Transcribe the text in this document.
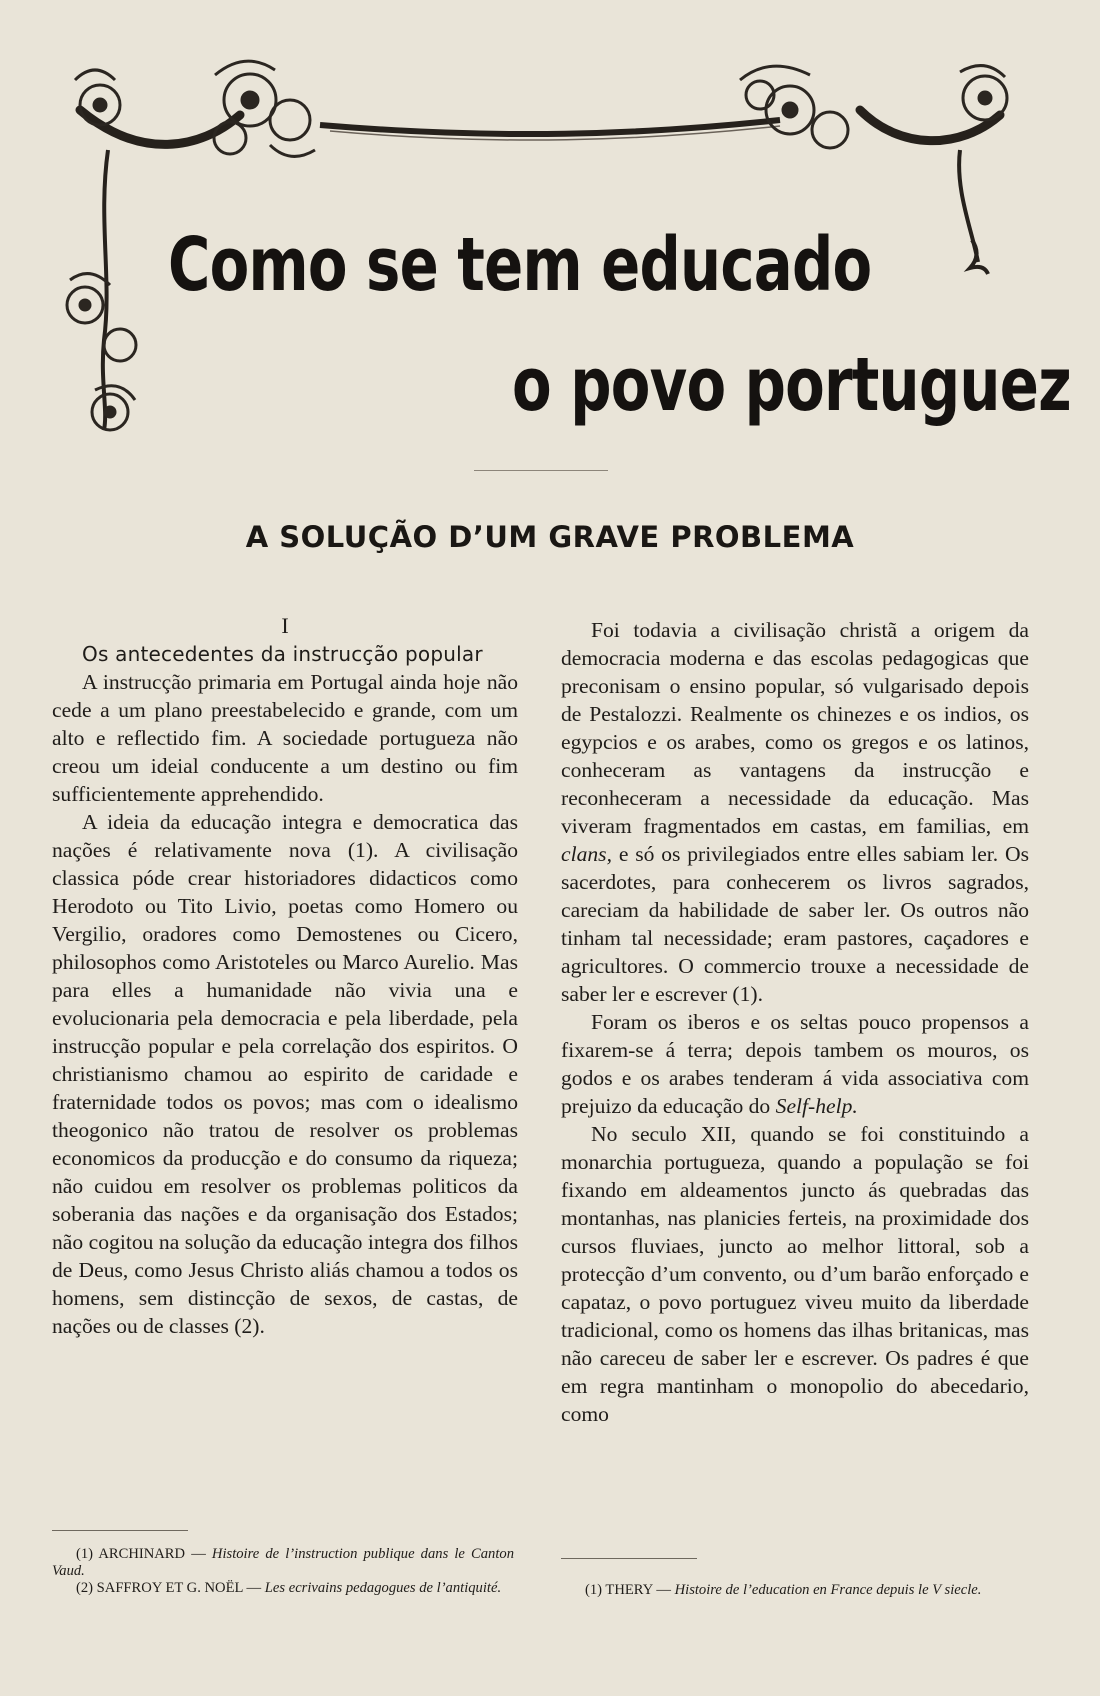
Como se tem educado
o povo portuguez
A SOLUÇÃO D’UM GRAVE PROBLEMA

I

Os antecedentes da instrucção popular

A instrucção primaria em Portugal ainda hoje não cede a um plano preestabelecido e grande, com um alto e reflectido fim. A sociedade portugueza não creou um ideial conducente a um destino ou fim sufficientemente apprehendido.

A ideia da educação integra e democratica das nações é relativamente nova (1). A civilisação classica póde crear historiadores didacticos como Herodoto ou Tito Livio, poetas como Homero ou Vergilio, oradores como Demostenes ou Cicero, philosophos como Aristoteles ou Marco Aurelio. Mas para elles a humanidade não vivia una e evolucionaria pela democracia e pela liberdade, pela instrucção popular e pela correlação dos espiritos. O christianismo chamou ao espirito de caridade e fraternidade todos os povos; mas com o idealismo theogonico não tratou de resolver os problemas economicos da producção e do consumo da riqueza; não cuidou em resolver os problemas politicos da soberania das nações e da organisação dos Estados; não cogitou na solução da educação integra dos filhos de Deus, como Jesus Christo aliás chamou a todos os homens, sem distincção de sexos, de castas, de nações ou de classes (2).

Foi todavia a civilisação christã a origem da democracia moderna e das escolas pedagogicas que preconisam o ensino popular, só vulgarisado depois de Pestalozzi. Realmente os chinezes e os indios, os egypcios e os arabes, como os gregos e os latinos, conheceram as vantagens da instrucção e reconheceram a necessidade da educação. Mas viveram fragmentados em castas, em familias, em clans, e só os privilegiados entre elles sabiam ler. Os sacerdotes, para conhecerem os livros sagrados, careciam da habilidade de saber ler. Os outros não tinham tal necessidade; eram pastores, caçadores e agricultores. O commercio trouxe a necessidade de saber ler e escrever (1).

Foram os iberos e os seltas pouco propensos a fixarem-se á terra; depois tambem os mouros, os godos e os arabes tenderam á vida associativa com prejuizo da educação do Self-help.

No seculo XII, quando se foi constituindo a monarchia portugueza, quando a população se foi fixando em aldeamentos juncto ás quebradas das montanhas, nas planicies ferteis, na proximidade dos cursos fluviaes, juncto ao melhor littoral, sob a protecção d’um convento, ou d’um barão enforçado e capataz, o povo portuguez viveu muito da liberdade tradicional, como os homens das ilhas britanicas, mas não careceu de saber ler e escrever. Os padres é que em regra mantinham o monopolio do abecedario, como

(1) ARCHINARD — Histoire de l’instruction publique dans le Canton Vaud.

(2) SAFFROY ET G. NOËL — Les ecrivains pedagogues de l’antiquité.	(1) THERY — Histoire de l’education en France depuis le V siecle.
